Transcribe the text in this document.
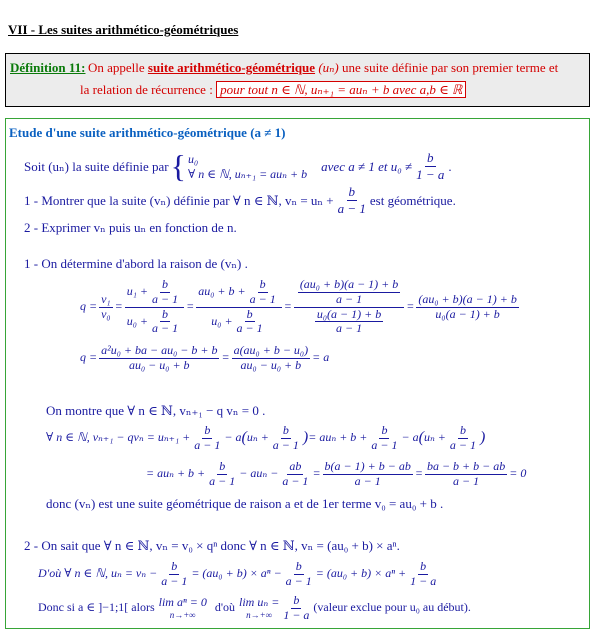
VII - Les suites arithmético-géométriques
Définition 11: On appelle suite arithmético-géométrique (uₙ) une suite définie par son premier terme et
la relation de récurrence : pour tout n ∈ ℕ, uₙ₊₁ = auₙ + b avec a,b ∈ ℝ
Etude d'une suite arithmético-géométrique (a ≠ 1)
Soit (uₙ) la suite définie par { u₀
∀ n ∈ ℕ, uₙ₊₁ = auₙ + b avec a ≠ 1 et $u_0 \ne \frac{b}{1 - a}$ .
1 - Montrer que la suite (vₙ) définie par ∀ n ∈ ℕ, $v_n = u_n + \frac{b}{a - 1}$ est géométrique.
2 - Exprimer vₙ puis uₙ en fonction de n.
1 - On détermine d'abord la raison de (vₙ) .
$q = \frac{\text{v₁}}{\text{v₀}} = \frac{u_1 + \frac{b}{a - 1}}{u_0 + \frac{b}{a - 1}} = \frac{au_0 + b + \frac{b}{a - 1}}{u_0 + \frac{b}{a - 1}} = \frac{\frac{\text{(au₀ + b)(a − 1) + b}}{a - 1}}{\frac{\text{u₀(a − 1) + b}}{a - 1}} = \frac{\text{(au₀ + b)(a − 1) + b}}{\text{u₀(a − 1) + b}}$
$q = \frac{\text{a²u₀ + ba − au₀ − b + b}}{\text{au₀ − u₀ + b}} = \frac{\text{a(au₀ + b − u₀)}}{\text{au₀ − u₀ + b}} = a$
On montre que ∀ n ∈ ℕ, vₙ₊₁ − q vₙ = 0 .
∀ n ∈ ℕ, $v_{n+1} - qv_n = u_{n+1} + \frac{b}{a - 1} - a$ ( $u_n + \frac{b}{a - 1}$ ) = $au_n + b + \frac{b}{a - 1} - a$ ( $u_n + \frac{b}{a - 1}$ )
= $au_n + b + \frac{b}{a - 1} - au_n - \frac{ab}{a - 1} = \frac{b(a - 1) + b - ab}{a - 1} = \frac{ba - b + b - ab}{a - 1} = 0$
donc (vₙ) est une suite géométrique de raison a et de 1er terme v₀ = au₀ + b .
2 - On sait que ∀ n ∈ ℕ, vₙ = v₀ × qⁿ donc ∀ n ∈ ℕ, vₙ = (au₀ + b) × aⁿ.
D'où ∀ n ∈ ℕ, $u_n = v_n - \frac{b}{a - 1} = (au_0 + b) \times a^n - \frac{b}{a - 1} = (au_0 + b) \times a^n + \frac{b}{1 - a}$
Donc si a ∈ ]−1;1[ alors lim aⁿ = 0
n→+∞
d'où lim uₙ =
$n\to+\infty \frac{b}{1 - a}$ (valeur exclue pour u₀ au début).
